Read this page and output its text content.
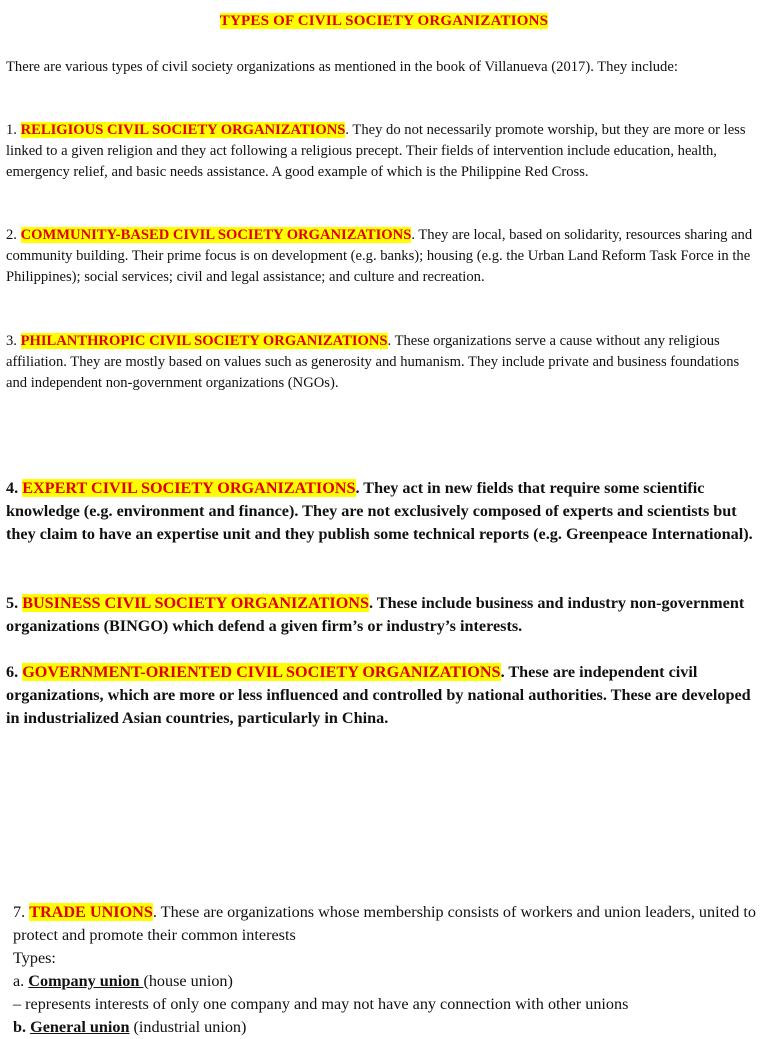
TYPES OF CIVIL SOCIETY ORGANIZATIONS

There are various types of civil society organizations as mentioned in the book of Villanueva (2017). They include:

1. RELIGIOUS CIVIL SOCIETY ORGANIZATIONS. They do not necessarily promote worship, but they are more or less linked to a given religion and they act following a religious precept. Their fields of intervention include education, health, emergency relief, and basic needs assistance. A good example of which is the Philippine Red Cross.

2. COMMUNITY-BASED CIVIL SOCIETY ORGANIZATIONS. They are local, based on solidarity, resources sharing and community building. Their prime focus is on development (e.g. banks); housing (e.g. the Urban Land Reform Task Force in the Philippines); social services; civil and legal assistance; and culture and recreation.

3. PHILANTHROPIC CIVIL SOCIETY ORGANIZATIONS. These organizations serve a cause without any religious affiliation. They are mostly based on values such as generosity and humanism. They include private and business foundations and independent non-government organizations (NGOs).

4. EXPERT CIVIL SOCIETY ORGANIZATIONS. They act in new fields that require some scientific knowledge (e.g. environment and finance). They are not exclusively composed of experts and scientists but they claim to have an expertise unit and they publish some technical reports (e.g. Greenpeace International).

5. BUSINESS CIVIL SOCIETY ORGANIZATIONS. These include business and industry non-government organizations (BINGO) which defend a given firm’s or industry’s interests.

6. GOVERNMENT-ORIENTED CIVIL SOCIETY ORGANIZATIONS. These are independent civil organizations, which are more or less influenced and controlled by national authorities. These are developed in industrialized Asian countries, particularly in China.

7. TRADE UNIONS. These are organizations whose membership consists of workers and union leaders, united to protect and promote their common interests

Types:

a. Company union (house union)

– represents interests of only one company and may not have any connection with other unions

b. General union (industrial union)
